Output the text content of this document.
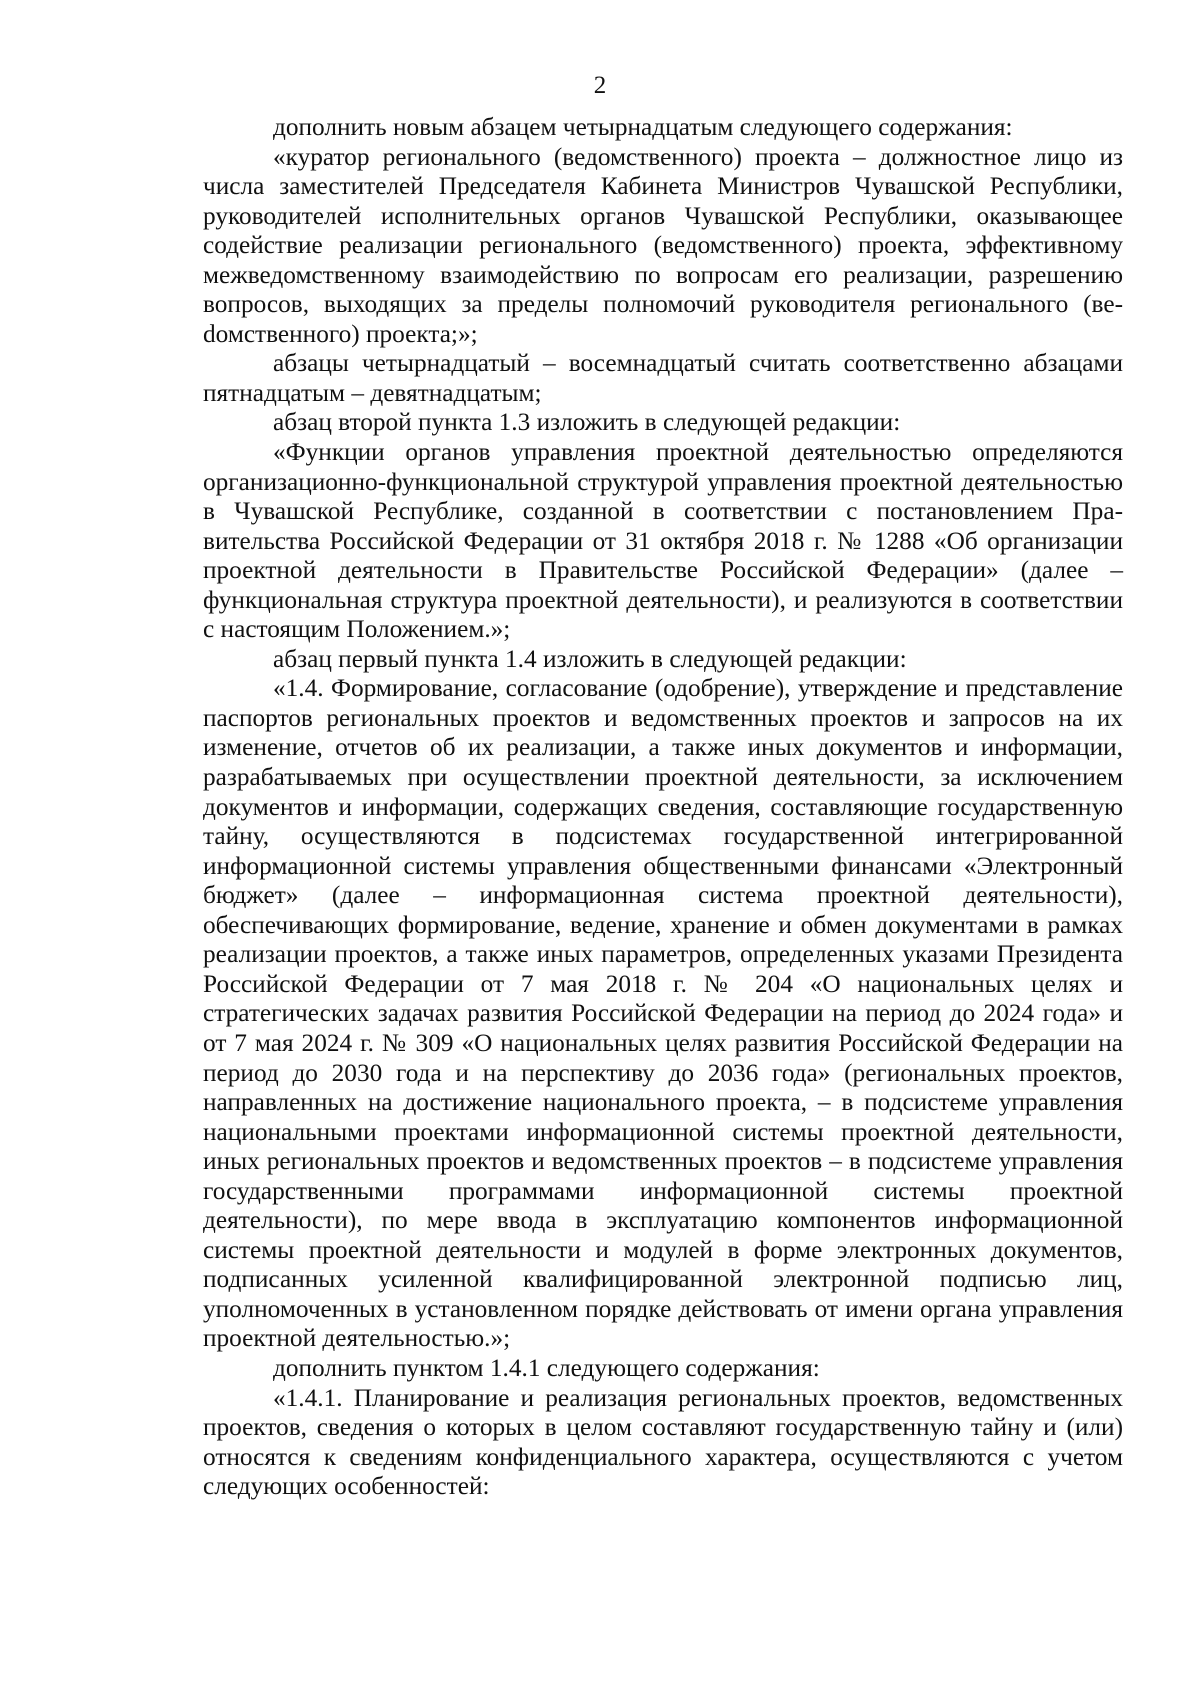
2

дополнить новым абзацем четырнадцатым следующего содержания:

«куратор регионального (ведомственного) проекта – должностное лицо из числа заместителей Председателя Кабинета Министров Чувашской Республики, руководителей исполнительных органов Чувашской Республики, оказывающее содействие реализации регионального (ведомственного) проекта, эффективному межведомственному взаимодействию по вопросам его реализации, разрешению вопросов, выходящих за пределы полномочий руководителя регионального (веdомственного) проекта;»;

абзацы четырнадцатый – восемнадцатый считать соответственно абзацами пятнадцатым – девятнадцатым;

абзац второй пункта 1.3 изложить в следующей редакции:

«Функции органов управления проектной деятельностью определяются организационно-функциональной структурой управления проектной деятельностью в Чувашской Республике, созданной в соответствии с постановлением Правительства Российской Федерации от 31 октября 2018 г. № 1288 «Об организации проектной деятельности в Правительстве Российской Федерации» (далее – функциональная структура проектной деятельности), и реализуются в соответствии с настоящим Положением.»;

абзац первый пункта 1.4 изложить в следующей редакции:

«1.4. Формирование, согласование (одобрение), утверждение и представление паспортов региональных проектов и ведомственных проектов и запросов на их изменение, отчетов об их реализации, а также иных документов и информации, разрабатываемых при осуществлении проектной деятельности, за исключением документов и информации, содержащих сведения, составляющие государственную тайну, осуществляются в подсистемах государственной интегрированной информационной системы управления общественными финансами «Электронный бюджет» (далее – информационная система проектной деятельности), обеспечивающих формирование, ведение, хранение и обмен документами в рамках реализации проектов, а также иных параметров, определенных указами Президента Российской Федерации от 7 мая 2018 г. № 204 «О национальных целях и стратегических задачах развития Российской Федерации на период до 2024 года» и от 7 мая 2024 г. № 309 «О национальных целях развития Российской Федерации на период до 2030 года и на перспективу до 2036 года» (региональных проектов, направленных на достижение национального проекта, – в подсистеме управления национальными проектами информационной системы проектной деятельности, иных региональных проектов и ведомственных проектов – в подсистеме управления государственными программами информационной системы проектной деятельности), по мере ввода в эксплуатацию компонентов информационной системы проектной деятельности и модулей в форме электронных документов, подписанных усиленной квалифицированной электронной подписью лиц, уполномоченных в установленном порядке действовать от имени органа управления проектной деятельностью.»;

дополнить пунктом 1.4.1 следующего содержания:

«1.4.1. Планирование и реализация региональных проектов, ведомственных проектов, сведения о которых в целом составляют государственную тайну и (или) относятся к сведениям конфиденциального характера, осуществляются с учетом следующих особенностей:
